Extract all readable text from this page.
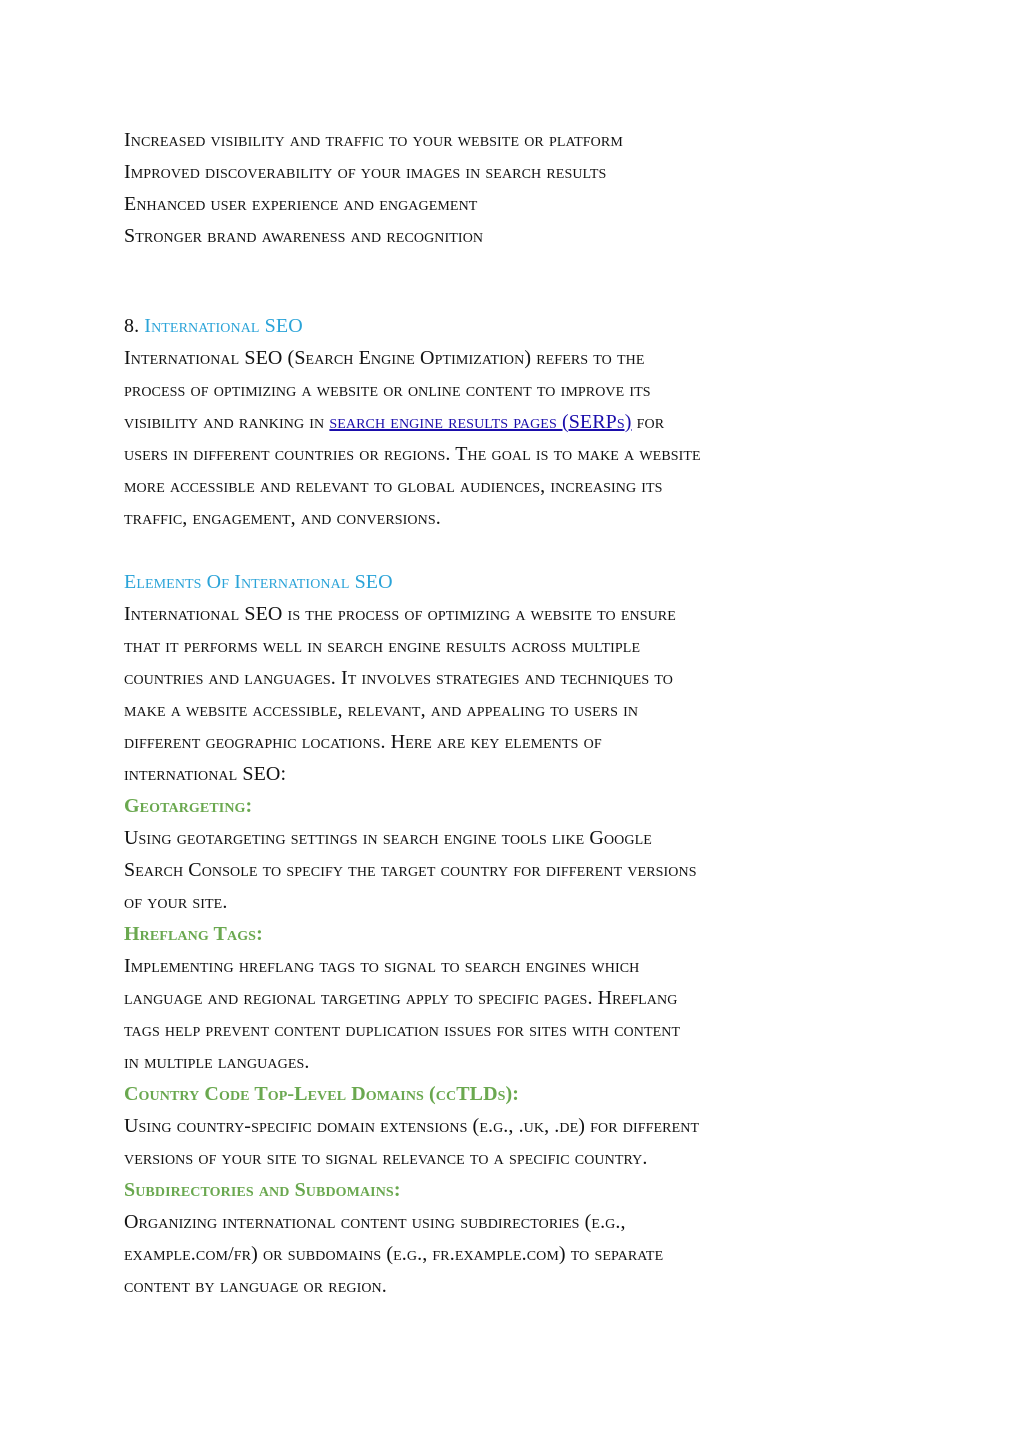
Increased visibility and traffic to your website or platform
Improved discoverability of your images in search results
Enhanced user experience and engagement
Stronger brand awareness and recognition
8. International SEO
International SEO (Search Engine Optimization) refers to the
process of optimizing a website or online content to improve its
visibility and ranking in search engine results pages (SERPs) for
users in different countries or regions. The goal is to make a website
more accessible and relevant to global audiences, increasing its
traffic, engagement, and conversions.
Elements Of International SEO
International SEO is the process of optimizing a website to ensure
that it performs well in search engine results across multiple
countries and languages. It involves strategies and techniques to
make a website accessible, relevant, and appealing to users in
different geographic locations. Here are key elements of
international SEO:
Geotargeting:
Using geotargeting settings in search engine tools like Google
Search Console to specify the target country for different versions
of your site.
Hreflang Tags:
Implementing hreflang tags to signal to search engines which
language and regional targeting apply to specific pages. Hreflang
tags help prevent content duplication issues for sites with content
in multiple languages.
Country Code Top-Level Domains (ccTLDs):
Using country-specific domain extensions (e.g., .uk, .de) for different
versions of your site to signal relevance to a specific country.
Subdirectories and Subdomains:
Organizing international content using subdirectories (e.g.,
example.com/fr) or subdomains (e.g., fr.example.com) to separate
content by language or region.
